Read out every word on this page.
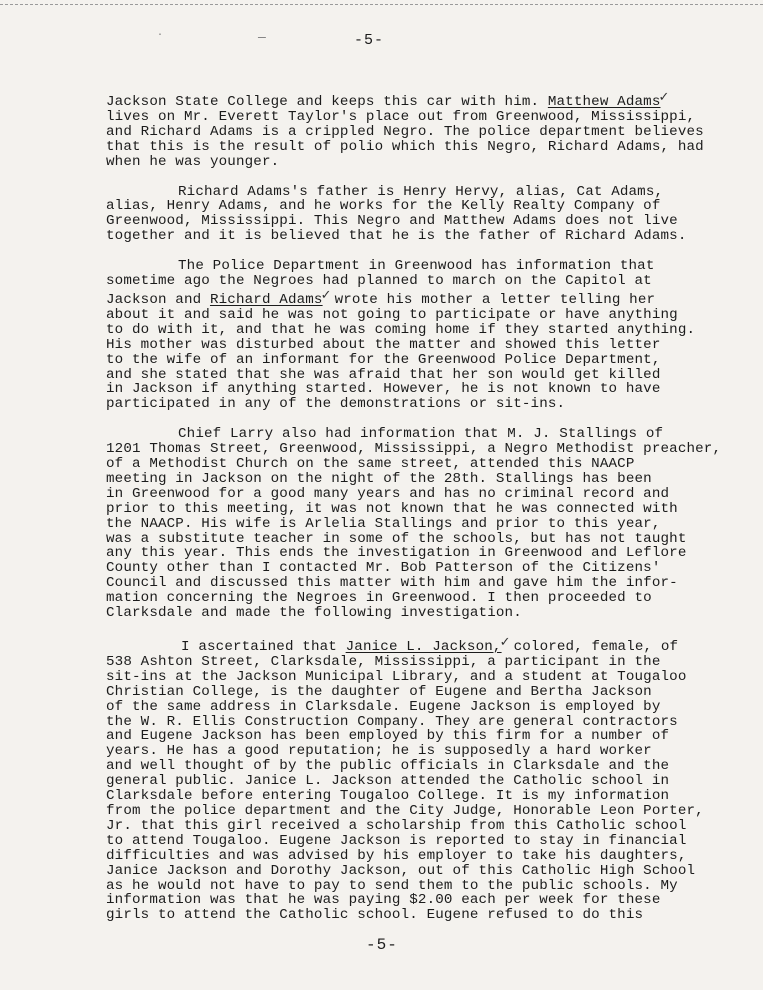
·	—	-5-
Jackson State College and keeps this car with him. Matthew Adams✓
lives on Mr. Everett Taylor's place out from Greenwood, Mississippi,
and Richard Adams is a crippled Negro. The police department believes
that this is the result of polio which this Negro, Richard Adams, had
when he was younger.
Richard Adams's father is Henry Hervy, alias, Cat Adams,
alias, Henry Adams, and he works for the Kelly Realty Company of
Greenwood, Mississippi. This Negro and Matthew Adams does not live
together and it is believed that he is the father of Richard Adams.
The Police Department in Greenwood has information that
sometime ago the Negroes had planned to march on the Capitol at
Jackson and Richard Adams✓ wrote his mother a letter telling her
about it and said he was not going to participate or have anything
to do with it, and that he was coming home if they started anything.
His mother was disturbed about the matter and showed this letter
to the wife of an informant for the Greenwood Police Department,
and she stated that she was afraid that her son would get killed
in Jackson if anything started. However, he is not known to have
participated in any of the demonstrations or sit-ins.
Chief Larry also had information that M. J. Stallings of
1201 Thomas Street, Greenwood, Mississippi, a Negro Methodist preacher,
of a Methodist Church on the same street, attended this NAACP
meeting in Jackson on the night of the 28th. Stallings has been
in Greenwood for a good many years and has no criminal record and
prior to this meeting, it was not known that he was connected with
the NAACP. His wife is Arlelia Stallings and prior to this year,
was a substitute teacher in some of the schools, but has not taught
any this year. This ends the investigation in Greenwood and Leflore
County other than I contacted Mr. Bob Patterson of the Citizens'
Council and discussed this matter with him and gave him the infor-
mation concerning the Negroes in Greenwood. I then proceeded to
Clarksdale and made the following investigation.
I ascertained that Janice L. Jackson,✓ colored, female, of
538 Ashton Street, Clarksdale, Mississippi, a participant in the
sit-ins at the Jackson Municipal Library, and a student at Tougaloo
Christian College, is the daughter of Eugene and Bertha Jackson
of the same address in Clarksdale. Eugene Jackson is employed by
the W. R. Ellis Construction Company. They are general contractors
and Eugene Jackson has been employed by this firm for a number of
years. He has a good reputation; he is supposedly a hard worker
and well thought of by the public officials in Clarksdale and the
general public. Janice L. Jackson attended the Catholic school in
Clarksdale before entering Tougaloo College. It is my information
from the police department and the City Judge, Honorable Leon Porter,
Jr. that this girl received a scholarship from this Catholic school
to attend Tougaloo. Eugene Jackson is reported to stay in financial
difficulties and was advised by his employer to take his daughters,
Janice Jackson and Dorothy Jackson, out of this Catholic High School
as he would not have to pay to send them to the public schools. My
information was that he was paying $2.00 each per week for these
girls to attend the Catholic school. Eugene refused to do this
-5-
